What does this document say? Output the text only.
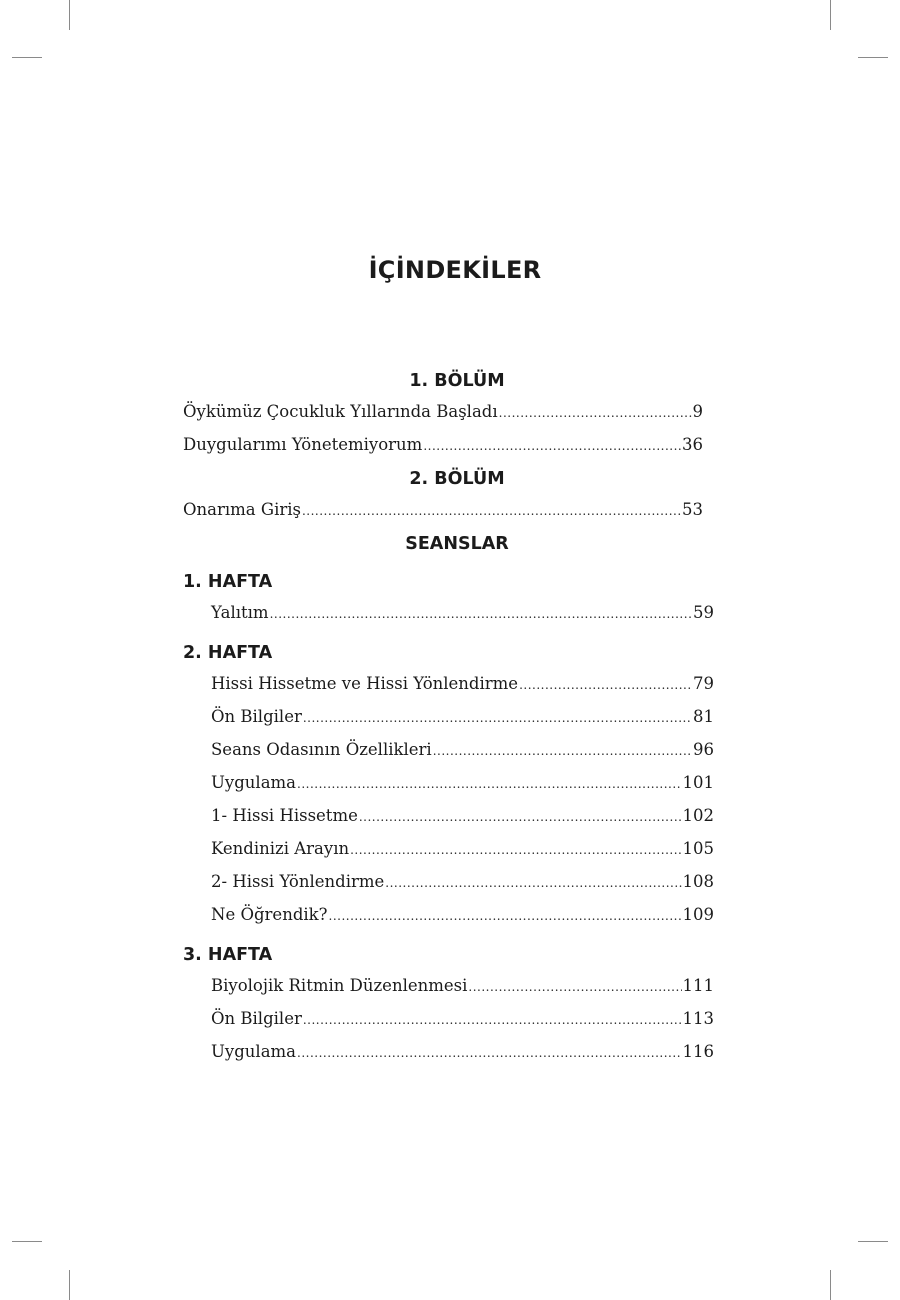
İÇİNDEKİLER
1. BÖLÜM
Öykümüz Çocukluk Yıllarında Başladı .....	9
Duygularımı Yönetemiyorum .....	36
2. BÖLÜM
Onarıma Giriş .....	53
SEANSLAR
1. HAFTA
Yalıtım .....	59
2. HAFTA
Hissi Hissetme ve Hissi Yönlendirme .....	79
Ön Bilgiler .....	81
Seans Odasının Özellikleri .....	96
Uygulama .....	101
1- Hissi Hissetme .....	102
Kendinizi Arayın .....	105
2- Hissi Yönlendirme .....	108
Ne Öğrendik? .....	109
3. HAFTA
Biyolojik Ritmin Düzenlenmesi .....	111
Ön Bilgiler .....	113
Uygulama .....	116
